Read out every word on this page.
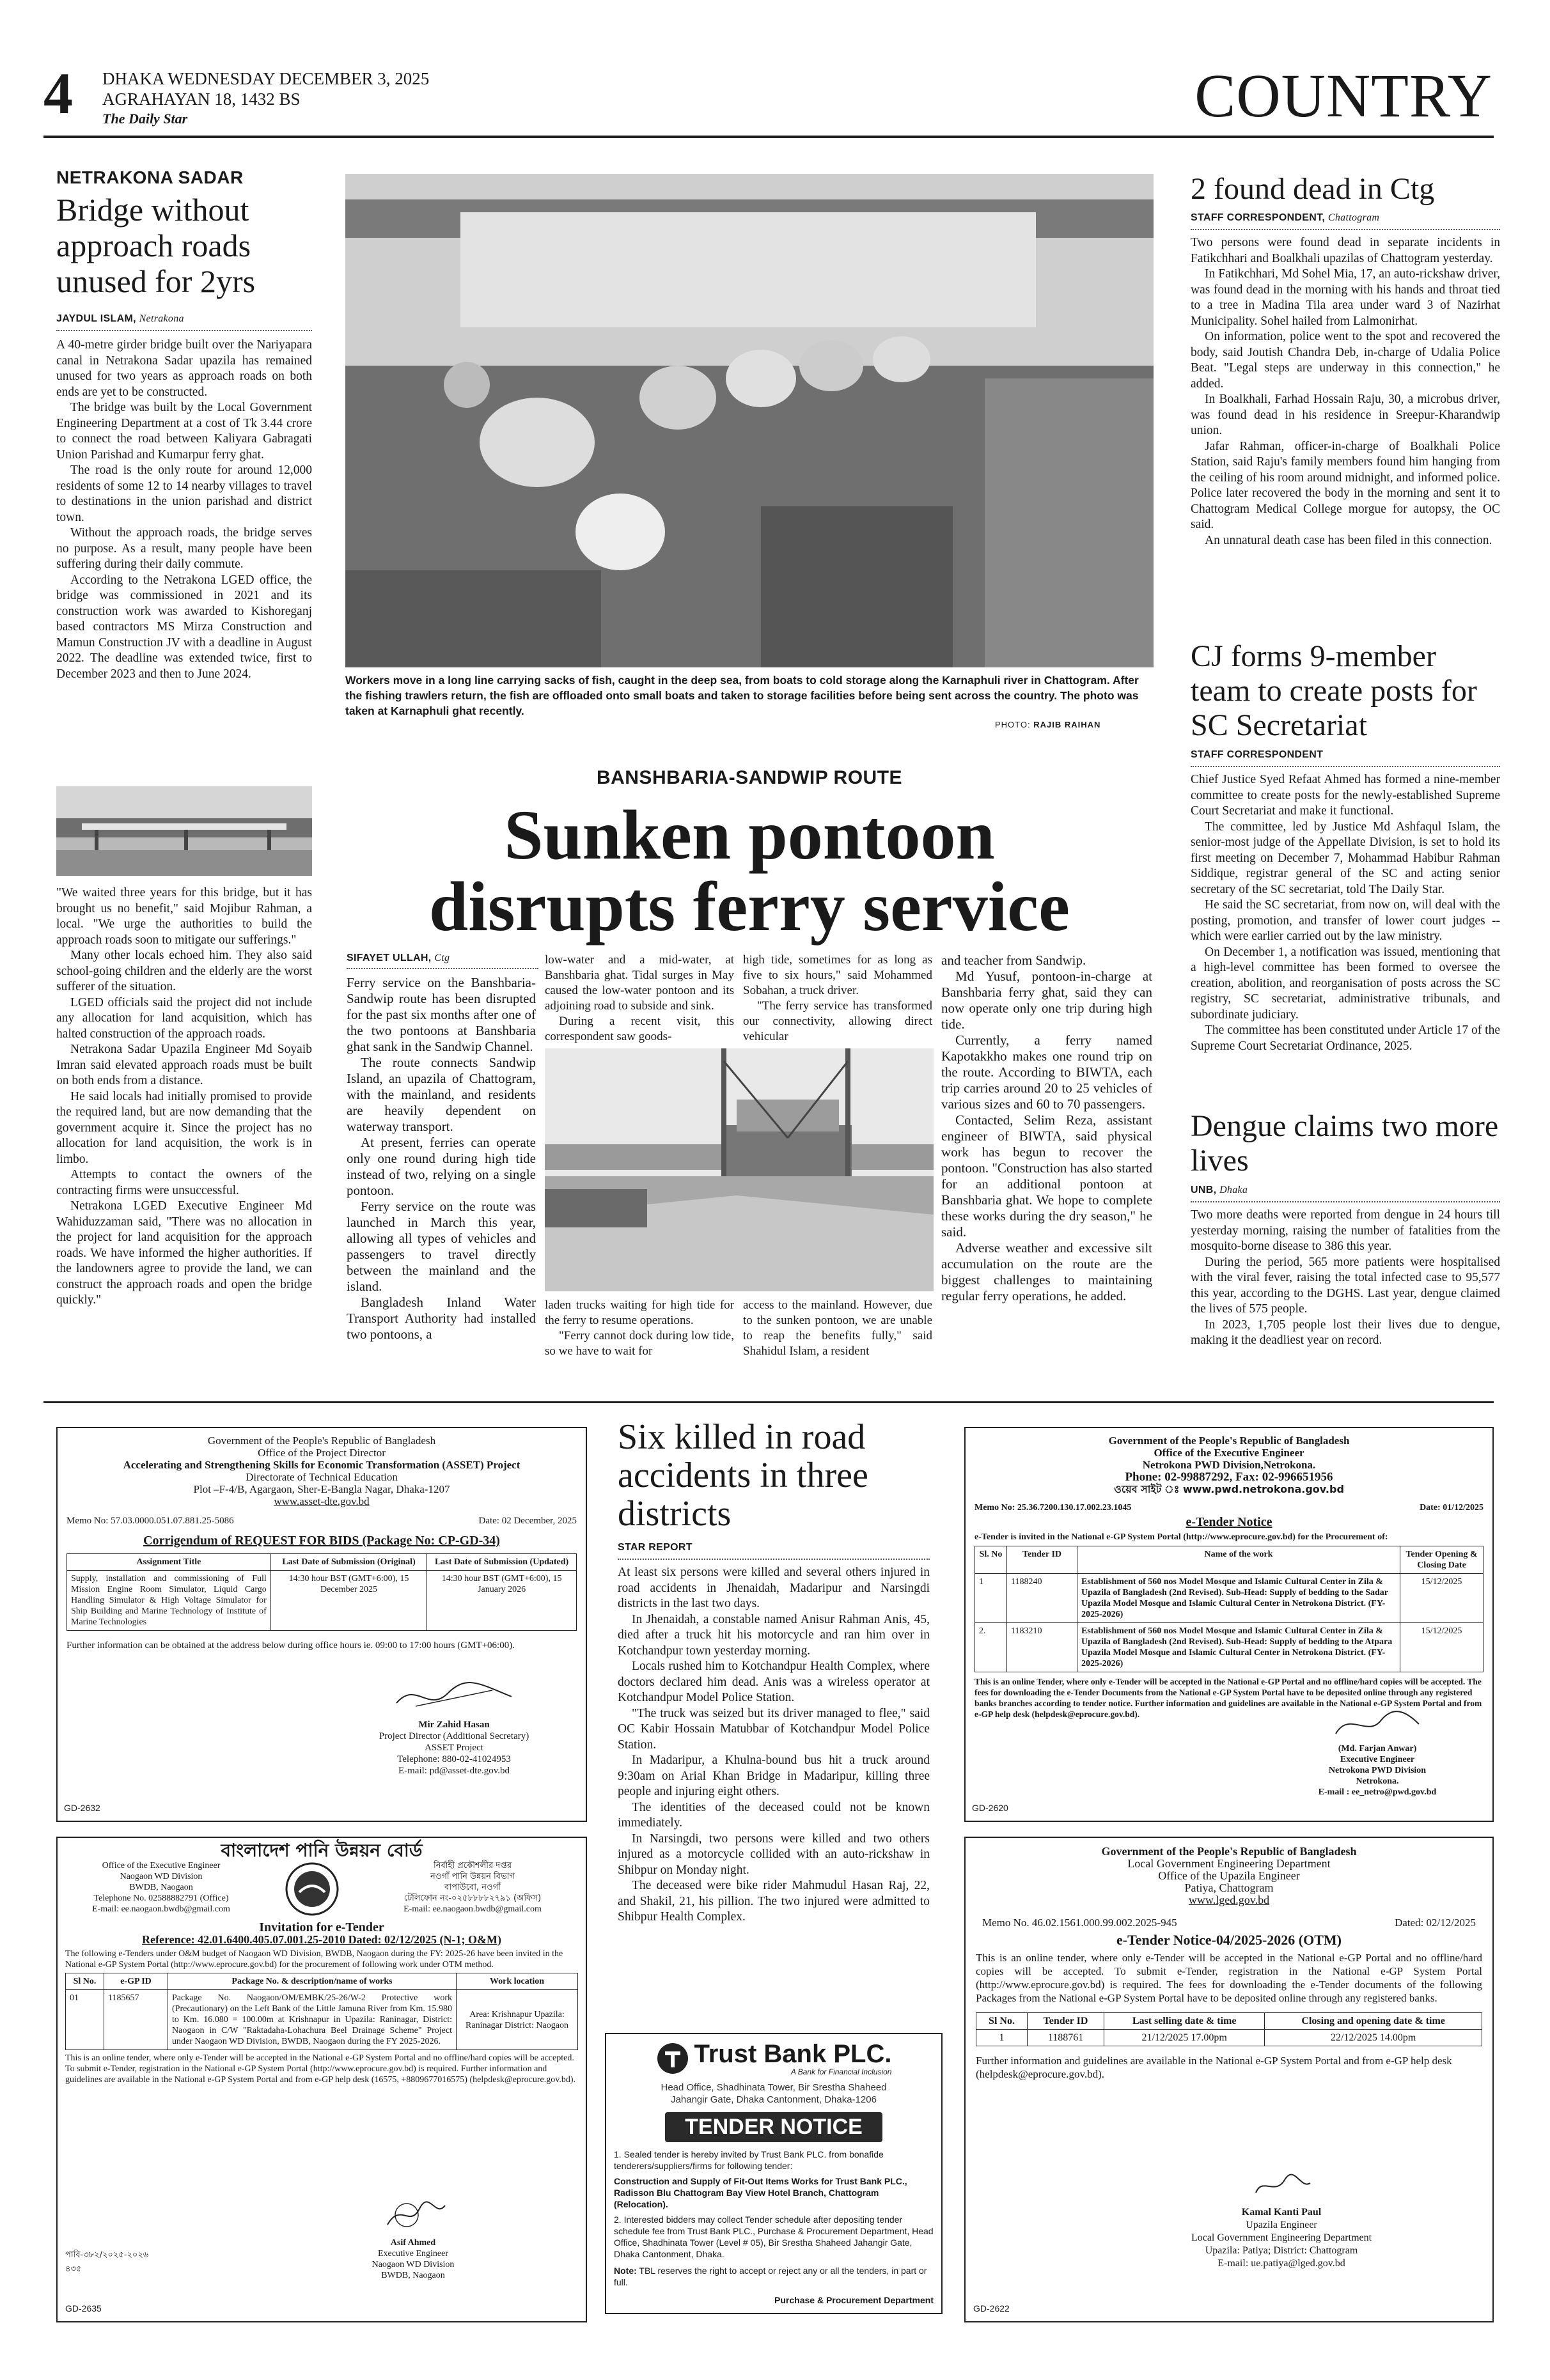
4 DHAKA WEDNESDAY DECEMBER 3, 2025
AGRAHAYAN 18, 1432 BS
The Daily Star	COUNTRY
NETRAKONA SADAR
Bridge without approach roads unused for 2yrs
JAYDUL ISLAM, Netrakona

A 40-metre girder bridge built over the Nariyapara canal in Netrakona Sadar upazila has remained unused for two years as approach roads on both ends are yet to be constructed.

The bridge was built by the Local Government Engineering Department at a cost of Tk 3.44 crore to connect the road between Kaliyara Gabragati Union Parishad and Kumarpur ferry ghat.

The road is the only route for around 12,000 residents of some 12 to 14 nearby villages to travel to destinations in the union parishad and district town.

Without the approach roads, the bridge serves no purpose. As a result, many people have been suffering during their daily commute.

According to the Netrakona LGED office, the bridge was commissioned in 2021 and its construction work was awarded to Kishoreganj based contractors MS Mirza Construction and Mamun Construction JV with a deadline in August 2022. The deadline was extended twice, first to December 2023 and then to June 2024.

"We waited three years for this bridge, but it has brought us no benefit," said Mojibur Rahman, a local. "We urge the authorities to build the approach roads soon to mitigate our sufferings."

Many other locals echoed him. They also said school-going children and the elderly are the worst sufferer of the situation.

LGED officials said the project did not include any allocation for land acquisition, which has halted construction of the approach roads.

Netrakona Sadar Upazila Engineer Md Soyaib Imran said elevated approach roads must be built on both ends from a distance.

He said locals had initially promised to provide the required land, but are now demanding that the government acquire it. Since the project has no allocation for land acquisition, the work is in limbo.

Attempts to contact the owners of the contracting firms were unsuccessful.

Netrakona LGED Executive Engineer Md Wahiduzzaman said, "There was no allocation in the project for land acquisition for the approach roads. We have informed the higher authorities. If the landowners agree to provide the land, we can construct the approach roads and open the bridge quickly."

Workers move in a long line carrying sacks of fish, caught in the deep sea, from boats to cold storage along the Karnaphuli river in Chattogram. After the fishing trawlers return, the fish are offloaded onto small boats and taken to storage facilities before being sent across the country. The photo was taken at Karnaphuli ghat recently.
PHOTO: RAJIB RAIHAN
BANSHBARIA-SANDWIP ROUTE
Sunken pontoon
disrupts ferry service
SIFAYET ULLAH, Ctg

Ferry service on the Banshbaria-Sandwip route has been disrupted for the past six months after one of the two pontoons at Banshbaria ghat sank in the Sandwip Channel.

The route connects Sandwip Island, an upazila of Chattogram, with the mainland, and residents are heavily dependent on waterway transport.

At present, ferries can operate only one round during high tide instead of two, relying on a single pontoon.

Ferry service on the route was launched in March this year, allowing all types of vehicles and passengers to travel directly between the mainland and the island.

Bangladesh Inland Water Transport Authority had installed two pontoons, a

low-water and a mid-water, at Banshbaria ghat. Tidal surges in May caused the low-water pontoon and its adjoining road to subside and sink.

During a recent visit, this correspondent saw goods-

high tide, sometimes for as long as five to six hours," said Mohammed Sobahan, a truck driver.

"The ferry service has transformed our connectivity, allowing direct vehicular

laden trucks waiting for high tide for the ferry to resume operations.

"Ferry cannot dock during low tide, so we have to wait for

access to the mainland. However, due to the sunken pontoon, we are unable to reap the benefits fully," said Shahidul Islam, a resident

and teacher from Sandwip.

Md Yusuf, pontoon-in-charge at Banshbaria ferry ghat, said they can now operate only one trip during high tide.

Currently, a ferry named Kapotakkho makes one round trip on the route. According to BIWTA, each trip carries around 20 to 25 vehicles of various sizes and 60 to 70 passengers.

Contacted, Selim Reza, assistant engineer of BIWTA, said physical work has begun to recover the pontoon. "Construction has also started for an additional pontoon at Banshbaria ghat. We hope to complete these works during the dry season," he said.

Adverse weather and excessive silt accumulation on the route are the biggest challenges to maintaining regular ferry operations, he added.

2 found dead in Ctg
STAFF CORRESPONDENT, Chattogram

Two persons were found dead in separate incidents in Fatikchhari and Boalkhali upazilas of Chattogram yesterday.

In Fatikchhari, Md Sohel Mia, 17, an auto-rickshaw driver, was found dead in the morning with his hands and throat tied to a tree in Madina Tila area under ward 3 of Nazirhat Municipality. Sohel hailed from Lalmonirhat.

On information, police went to the spot and recovered the body, said Joutish Chandra Deb, in-charge of Udalia Police Beat. "Legal steps are underway in this connection," he added.

In Boalkhali, Farhad Hossain Raju, 30, a microbus driver, was found dead in his residence in Sreepur-Kharandwip union.

Jafar Rahman, officer-in-charge of Boalkhali Police Station, said Raju's family members found him hanging from the ceiling of his room around midnight, and informed police. Police later recovered the body in the morning and sent it to Chattogram Medical College morgue for autopsy, the OC said.

An unnatural death case has been filed in this connection.

CJ forms 9-member team to create posts for SC Secretariat
STAFF CORRESPONDENT

Chief Justice Syed Refaat Ahmed has formed a nine-member committee to create posts for the newly-established Supreme Court Secretariat and make it functional.

The committee, led by Justice Md Ashfaqul Islam, the senior-most judge of the Appellate Division, is set to hold its first meeting on December 7, Mohammad Habibur Rahman Siddique, registrar general of the SC and acting senior secretary of the SC secretariat, told The Daily Star.

He said the SC secretariat, from now on, will deal with the posting, promotion, and transfer of lower court judges -- which were earlier carried out by the law ministry.

On December 1, a notification was issued, mentioning that a high-level committee has been formed to oversee the creation, abolition, and reorganisation of posts across the SC registry, SC secretariat, administrative tribunals, and subordinate judiciary.

The committee has been constituted under Article 17 of the Supreme Court Secretariat Ordinance, 2025.

Dengue claims two more lives
UNB, Dhaka

Two more deaths were reported from dengue in 24 hours till yesterday morning, raising the number of fatalities from the mosquito-borne disease to 386 this year.

During the period, 565 more patients were hospitalised with the viral fever, raising the total infected case to 95,577 this year, according to the DGHS. Last year, dengue claimed the lives of 575 people.

In 2023, 1,705 people lost their lives due to dengue, making it the deadliest year on record.

Government of the People's Republic of Bangladesh
Office of the Project Director
Accelerating and Strengthening Skills for Economic Transformation (ASSET) Project
Directorate of Technical Education
Plot –F-4/B, Agargaon, Sher-E-Bangla Nagar, Dhaka-1207
www.asset-dte.gov.bd
Memo No: 57.03.0000.051.07.881.25-5086	Date: 02 December, 2025
Corrigendum of REQUEST FOR BIDS (Package No: CP-GD-34)
Assignment Title	Last Date of Submission (Original)	Last Date of Submission (Updated)
Supply, installation and commissioning of Full Mission Engine Room Simulator, Liquid Cargo Handling Simulator & High Voltage Simulator for Ship Building and Marine Technology of Institute of Marine Technologies	14:30 hour BST (GMT+6:00), 15 December 2025	14:30 hour BST (GMT+6:00), 15 January 2026
Further information can be obtained at the address below during office hours ie. 09:00 to 17:00 hours (GMT+06:00).
Mir Zahid Hasan
Project Director (Additional Secretary)
ASSET Project
Telephone: 880-02-41024953
E-mail: pd@asset-dte.gov.bd
GD-2632
বাংলাদেশ পানি উন্নয়ন বোর্ড
Office of the Executive Engineer
Naogaon WD Division
BWDB, Naogaon
Telephone No. 02588882791 (Office)
E-mail: ee.naogaon.bwdb@gmail.com
নির্বাহী প্রকৌশলীর দপ্তর
নওগাঁ পানি উন্নয়ন বিভাগ
বাপাউবো, নওগাঁ
টেলিফোন নং-০২৫৮৮৮৮২৭৯১ (অফিস)
E-mail: ee.naogaon.bwdb@gmail.com
Invitation for e-Tender
Reference: 42.01.6400.405.07.001.25-2010 Dated: 02/12/2025 (N-1; O&M)
The following e-Tenders under O&M budget of Naogaon WD Division, BWDB, Naogaon during the FY: 2025-26 have been invited in the National e-GP System Portal (http://www.eprocure.gov.bd) for the procurement of following work under OTM method.
Sl No.	e-GP ID	Package No. & description/name of works	Work location
01	1185657	Package No. Naogaon/OM/EMBK/25-26/W-2 Protective work (Precautionary) on the Left Bank of the Little Jamuna River from Km. 15.980 to Km. 16.080 = 100.00m at Krishnapur in Upazila: Raninagar, District: Naogaon in C/W "Raktadaha-Lohachura Beel Drainage Scheme" Project under Naogaon WD Division, BWDB, Naogaon during the FY 2025-2026.	Area: Krishnapur Upazila: Raninagar District: Naogaon
This is an online tender, where only e-Tender will be accepted in the National e-GP System Portal and no offline/hard copies will be accepted. To submit e-Tender, registration in the National e-GP System Portal (http://www.eprocure.gov.bd) is required. Further information and guidelines are available in the National e-GP System Portal and from e-GP help desk (16575, +8809677016575) (helpdesk@eprocure.gov.bd).
Asif Ahmed
Executive Engineer
Naogaon WD Division
BWDB, Naogaon
পাবি-৩৮২/২০২৫-২০২৬
৪৩৫
GD-2635
Six killed in road accidents in three districts
STAR REPORT

At least six persons were killed and several others injured in road accidents in Jhenaidah, Madaripur and Narsingdi districts in the last two days.

In Jhenaidah, a constable named Anisur Rahman Anis, 45, died after a truck hit his motorcycle and ran him over in Kotchandpur town yesterday morning.

Locals rushed him to Kotchandpur Health Complex, where doctors declared him dead. Anis was a wireless operator at Kotchandpur Model Police Station.

"The truck was seized but its driver managed to flee," said OC Kabir Hossain Matubbar of Kotchandpur Model Police Station.

In Madaripur, a Khulna-bound bus hit a truck around 9:30am on Arial Khan Bridge in Madaripur, killing three people and injuring eight others.

The identities of the deceased could not be known immediately.

In Narsingdi, two persons were killed and two others injured as a motorcycle collided with an auto-rickshaw in Shibpur on Monday night.

The deceased were bike rider Mahmudul Hasan Raj, 22, and Shakil, 21, his pillion. The two injured were admitted to Shibpur Health Complex.

Trust Bank PLC.
A Bank for Financial Inclusion
Head Office, Shadhinata Tower, Bir Srestha Shaheed
Jahangir Gate, Dhaka Cantonment, Dhaka-1206
TENDER NOTICE
1. Sealed tender is hereby invited by Trust Bank PLC. from bonafide tenderers/suppliers/firms for following tender:
Construction and Supply of Fit-Out Items Works for Trust Bank PLC., Radisson Blu Chattogram Bay View Hotel Branch, Chattogram (Relocation).
2. Interested bidders may collect Tender schedule after depositing tender schedule fee from Trust Bank PLC., Purchase & Procurement Department, Head Office, Shadhinata Tower (Level # 05), Bir Srestha Shaheed Jahangir Gate, Dhaka Cantonment, Dhaka.
Note: TBL reserves the right to accept or reject any or all the tenders, in part or full.
Purchase & Procurement Department
Government of the People's Republic of Bangladesh
Office of the Executive Engineer
Netrokona PWD Division,Netrokona.
Phone: 02-99887292, Fax: 02-996651956
ওয়েব সাইট ঃ www.pwd.netrokona.gov.bd
Memo No: 25.36.7200.130.17.002.23.1045	Date: 01/12/2025
e-Tender Notice
e-Tender is invited in the National e-GP System Portal (http://www.eprocure.gov.bd) for the Procurement of:
Sl. No	Tender ID	Name of the work	Tender Opening & Closing Date
1	1188240	Establishment of 560 nos Model Mosque and Islamic Cultural Center in Zila & Upazila of Bangladesh (2nd Revised). Sub-Head: Supply of bedding to the Sadar Upazila Model Mosque and Islamic Cultural Center in Netrokona District. (FY-2025-2026)	15/12/2025
2.	1183210	Establishment of 560 nos Model Mosque and Islamic Cultural Center in Zila & Upazila of Bangladesh (2nd Revised). Sub-Head: Supply of bedding to the Atpara Upazila Model Mosque and Islamic Cultural Center in Netrokona District. (FY-2025-2026)	15/12/2025
This is an online Tender, where only e-Tender will be accepted in the National e-GP Portal and no offline/hard copies will be accepted. The fees for downloading the e-Tender Documents from the National e-GP System Portal have to be deposited online through any registered banks branches according to tender notice. Further information and guidelines are available in the National e-GP System Portal and from e-GP help desk (helpdesk@eprocure.gov.bd).
(Md. Farjan Anwar)
Executive Engineer
Netrokona PWD Division
Netrokona.
E-mail : ee_netro@pwd.gov.bd
GD-2620
Government of the People's Republic of Bangladesh
Local Government Engineering Department
Office of the Upazila Engineer
Patiya, Chattogram
www.lged.gov.bd
Memo No. 46.02.1561.000.99.002.2025-945	Dated: 02/12/2025
e-Tender Notice-04/2025-2026 (OTM)
This is an online tender, where only e-Tender will be accepted in the National e-GP Portal and no offline/hard copies will be accepted. To submit e-Tender, registration in the National e-GP System Portal (http://www.eprocure.gov.bd) is required. The fees for downloading the e-Tender documents of the following Packages from the National e-GP System Portal have to be deposited online through any registered banks.
Sl No.	Tender ID	Last selling date & time	Closing and opening date & time
1	1188761	21/12/2025 17.00pm	22/12/2025 14.00pm
Further information and guidelines are available in the National e-GP System Portal and from e-GP help desk (helpdesk@eprocure.gov.bd).
Kamal Kanti Paul
Upazila Engineer
Local Government Engineering Department
Upazila: Patiya; District: Chattogram
E-mail: ue.patiya@lged.gov.bd
GD-2622
